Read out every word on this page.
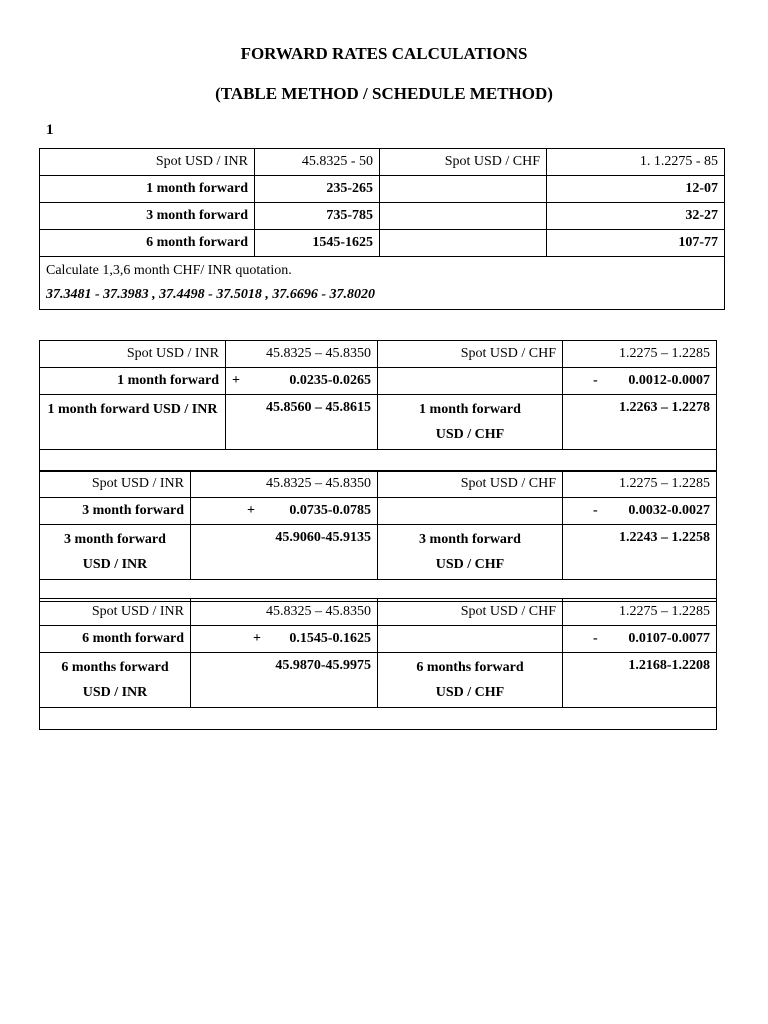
FORWARD RATES CALCULATIONS
(TABLE METHOD / SCHEDULE METHOD)
1
Spot USD / INR	45.8325 - 50	Spot USD / CHF	1. 1.2275 - 85
1 month forward	235-265		12-07
3 month forward	735-785		32-27
6 month forward	1545-1625		107-77

Calculate 1,3,6 month CHF/ INR quotation.
37.3481 - 37.3983 , 37.4498 - 37.5018 , 37.6696 - 37.8020			
Spot USD / INR	45.8325 – 45.8350	Spot USD / CHF	1.2275 – 1.2285
1 month forward	+ 0.0235-0.0265		- 0.0012-0.0007

1 month forward USD / INR	45.8560 – 45.8615	1 month forward USD / CHF	1.2263 – 1.2278

Spot USD / INR	45.8325 – 45.8350	Spot USD / CHF	1.2275 – 1.2285
3 month forward	+ 0.0735-0.0785		- 0.0032-0.0027

3 month forward USD / INR	45.9060-45.9135	3 month forward USD / CHF	1.2243 – 1.2258

Spot USD / INR	45.8325 – 45.8350	Spot USD / CHF	1.2275 – 1.2285
6 month forward	+ 0.1545-0.1625		- 0.0107-0.0077

6 months forward USD / INR	45.9870-45.9975	6 months forward USD / CHF	1.2168-1.2208
